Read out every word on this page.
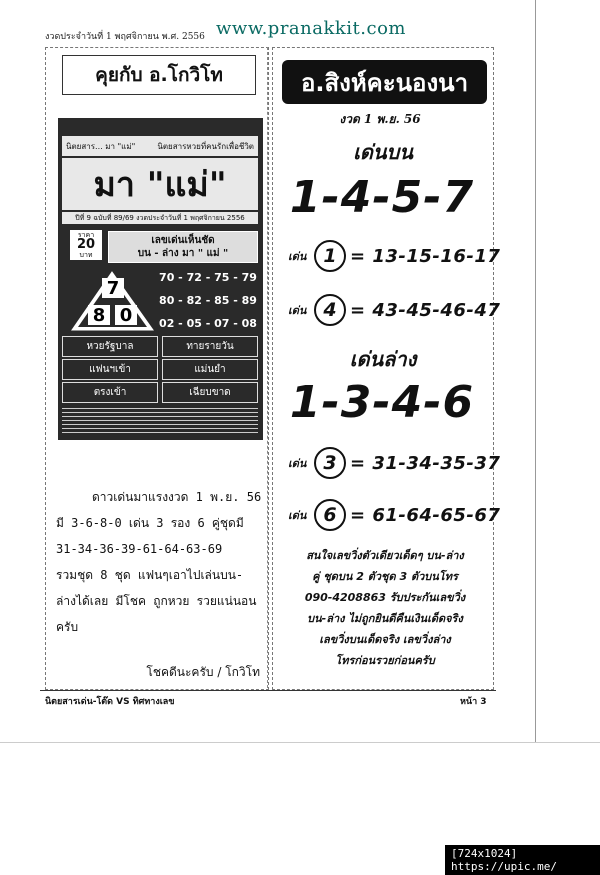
งวดประจำวันที่ 1 พฤศจิกายน พ.ศ. 2556 www.pranakkit.com
คุยกับ อ.โกวิโท
นิตยสาร... มา "แม่"	นิตยสารหวยที่คนรักเพื่อชีวิต
มา "แม่"
ปีที่ 9 ฉบับที่ 89/69 งวดประจำวันที่ 1 พฤศจิกายน 2556
ราคา
20
บาท
เลขเด่นเห็นชัด
บน - ล่าง มา " แม่ "
7
8 0
70 - 72 - 75 - 79
80 - 82 - 85 - 89
02 - 05 - 07 - 08
หวยรัฐบาล	ทายรายวัน
แฟนฯเข้า	แม่นยำ
ตรงเข้า	เฉียบขาด
ดาวเด่นมาแรงงวด 1 พ.ย. 56
มี 3-6-8-0 เด่น 3 รอง 6 คู่ชุดมี
31-34-36-39-61-64-63-69
รวมชุด 8 ชุด แฟนๆเอาไปเล่นบน-
ล่างได้เลย มีโชค ถูกหวย รวยแน่นอน
ครับ
โชคดีนะครับ / โกวิโท
อ.สิงห์คะนองนา
งวด 1 พ.ย. 56
เด่นบน
1-4-5-7
เด่น 1 = 13-15-16-17
เด่น 4 = 43-45-46-47
เด่นล่าง
1-3-4-6
เด่น 3 = 31-34-35-37
เด่น 6 = 61-64-65-67
สนใจเลขวิ่งตัวเดียวเด็ดๆ บน-ล่าง
คู่ ชุดบน 2 ตัวชุด 3 ตัวบนโทร
090-4208863 รับประกันเลขวิ่ง
บน-ล่าง ไม่ถูกยินดีคืนเงินเด็ดจริง
เลขวิ่งบนเด็ดจริง เลขวิ่งล่าง
โทรก่อนรวยก่อนครับ
นิตยสารเด่น-โต๊ด VS ทิศทางเลข	หน้า 3
[724x1024] https://upic.me/
